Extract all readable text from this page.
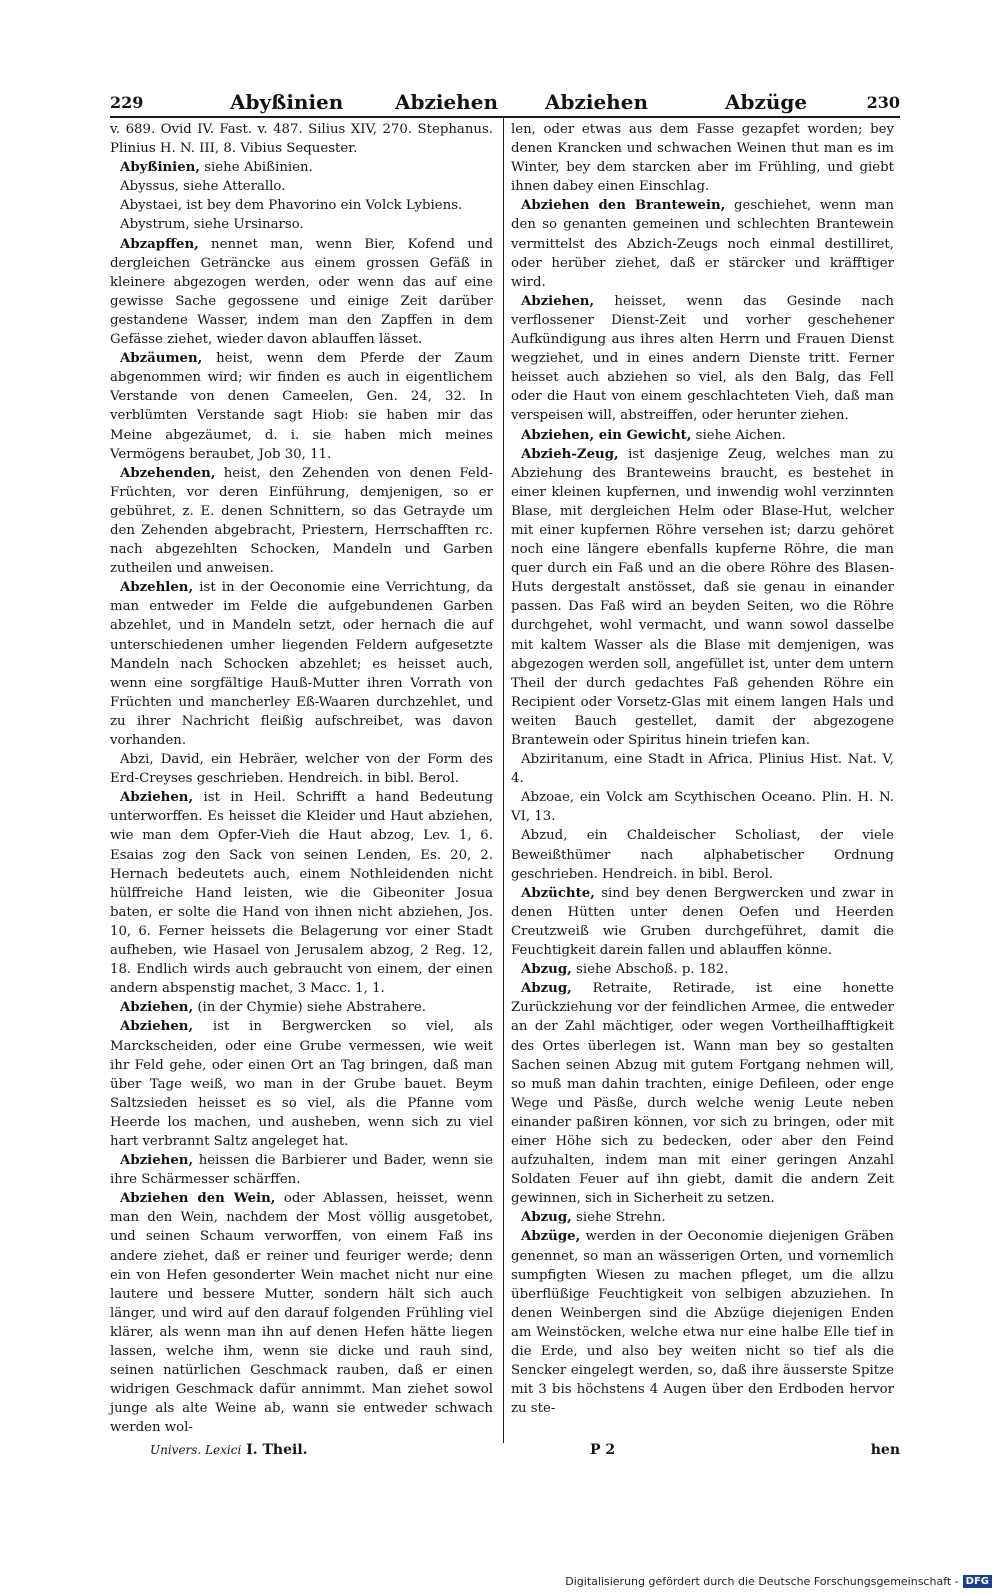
229	Abyßinien	Abziehen Abziehen	Abzüge	230

v. 689. Ovid IV. Fast. v. 487. Silius XIV, 270. Stephanus. Plinius H. N. III, 8. Vibius Sequester.

Abyßinien, siehe Abißinien.

Abyssus, siehe Atterallo.

Abystaei, ist bey dem Phavorino ein Volck Lybiens.

Abystrum, siehe Ursinarso.

Abzapffen, nennet man, wenn Bier, Kofend und dergleichen Geträncke aus einem grossen Gefäß in kleinere abgezogen werden, oder wenn das auf eine gewisse Sache gegossene und einige Zeit darüber gestandene Wasser, indem man den Zapffen in dem Gefässe ziehet, wieder davon ablauffen lässet.

Abzäumen, heist, wenn dem Pferde der Zaum abgenommen wird; wir finden es auch in eigentlichem Verstande von denen Cameelen, Gen. 24, 32. In verblümten Verstande sagt Hiob: sie haben mir das Meine abgezäumet, d. i. sie haben mich meines Vermögens beraubet, Job 30, 11.

Abzehenden, heist, den Zehenden von denen Feld-Früchten, vor deren Einführung, demjenigen, so er gebühret, z. E. denen Schnittern, so das Getrayde um den Zehenden abgebracht, Priestern, Herrschafften rc. nach abgezehlten Schocken, Mandeln und Garben zutheilen und anweisen.

Abzehlen, ist in der Oeconomie eine Verrichtung, da man entweder im Felde die aufgebundenen Garben abzehlet, und in Mandeln setzt, oder hernach die auf unterschiedenen umher liegenden Feldern aufgesetzte Mandeln nach Schocken abzehlet; es heisset auch, wenn eine sorgfältige Hauß-Mutter ihren Vorrath von Früchten und mancherley Eß-Waaren durchzehlet, und zu ihrer Nachricht fleißig aufschreibet, was davon vorhanden.

Abzi, David, ein Hebräer, welcher von der Form des Erd-Creyses geschrieben. Hendreich. in bibl. Berol.

Abziehen, ist in Heil. Schrifft a hand Bedeutung unterworffen. Es heisset die Kleider und Haut abziehen, wie man dem Opfer-Vieh die Haut abzog, Lev. 1, 6. Esaias zog den Sack von seinen Lenden, Es. 20, 2. Hernach bedeutets auch, einem Nothleidenden nicht hülffreiche Hand leisten, wie die Gibeoniter Josua baten, er solte die Hand von ihnen nicht abziehen, Jos. 10, 6. Ferner heissets die Belagerung vor einer Stadt aufheben, wie Hasael von Jerusalem abzog, 2 Reg. 12, 18. Endlich wirds auch gebraucht von einem, der einen andern abspenstig machet, 3 Macc. 1, 1.

Abziehen, (in der Chymie) siehe Abstrahere.

Abziehen, ist in Bergwercken so viel, als Marckscheiden, oder eine Grube vermessen, wie weit ihr Feld gehe, oder einen Ort an Tag bringen, daß man über Tage weiß, wo man in der Grube bauet. Beym Saltzsieden heisset es so viel, als die Pfanne vom Heerde los machen, und ausheben, wenn sich zu viel hart verbrannt Saltz angeleget hat.

Abziehen, heissen die Barbierer und Bader, wenn sie ihre Schärmesser schärffen.

Abziehen den Wein, oder Ablassen, heisset, wenn man den Wein, nachdem der Most völlig ausgetobet, und seinen Schaum verworffen, von einem Faß ins andere ziehet, daß er reiner und feuriger werde; denn ein von Hefen gesonderter Wein machet nicht nur eine lautere und bessere Mutter, sondern hält sich auch länger, und wird auf den darauf folgenden Frühling viel klärer, als wenn man ihn auf denen Hefen hätte liegen lassen, welche ihm, wenn sie dicke und rauh sind, seinen natürlichen Geschmack rauben, daß er einen widrigen Geschmack dafür annimmt. Man ziehet sowol junge als alte Weine ab, wann sie entweder schwach werden wol-

len, oder etwas aus dem Fasse gezapfet worden; bey denen Krancken und schwachen Weinen thut man es im Winter, bey dem starcken aber im Frühling, und giebt ihnen dabey einen Einschlag.

Abziehen den Brantewein, geschiehet, wenn man den so genanten gemeinen und schlechten Brantewein vermittelst des Abzich-Zeugs noch einmal destilliret, oder herüber ziehet, daß er stärcker und kräfftiger wird.

Abziehen, heisset, wenn das Gesinde nach verflossener Dienst-Zeit und vorher geschehener Aufkündigung aus ihres alten Herrn und Frauen Dienst wegziehet, und in eines andern Dienste tritt. Ferner heisset auch abziehen so viel, als den Balg, das Fell oder die Haut von einem geschlachteten Vieh, daß man verspeisen will, abstreiffen, oder herunter ziehen.

Abziehen, ein Gewicht, siehe Aichen.

Abzieh-Zeug, ist dasjenige Zeug, welches man zu Abziehung des Branteweins braucht, es bestehet in einer kleinen kupfernen, und inwendig wohl verzinnten Blase, mit dergleichen Helm oder Blase-Hut, welcher mit einer kupfernen Röhre versehen ist; darzu gehöret noch eine längere ebenfalls kupferne Röhre, die man quer durch ein Faß und an die obere Röhre des Blasen-Huts dergestalt anstösset, daß sie genau in einander passen. Das Faß wird an beyden Seiten, wo die Röhre durchgehet, wohl vermacht, und wann sowol dasselbe mit kaltem Wasser als die Blase mit demjenigen, was abgezogen werden soll, angefüllet ist, unter dem untern Theil der durch gedachtes Faß gehenden Röhre ein Recipient oder Vorsetz-Glas mit einem langen Hals und weiten Bauch gestellet, damit der abgezogene Brantewein oder Spiritus hinein triefen kan.

Abziritanum, eine Stadt in Africa. Plinius Hist. Nat. V, 4.

Abzoae, ein Volck am Scythischen Oceano. Plin. H. N. VI, 13.

Abzud, ein Chaldeischer Scholiast, der viele Beweißthümer nach alphabetischer Ordnung geschrieben. Hendreich. in bibl. Berol.

Abzüchte, sind bey denen Bergwercken und zwar in denen Hütten unter denen Oefen und Heerden Creutzweiß wie Gruben durchgeführet, damit die Feuchtigkeit darein fallen und ablauffen könne.

Abzug, siehe Abschoß. p. 182.

Abzug, Retraite, Retirade, ist eine honette Zurückziehung vor der feindlichen Armee, die entweder an der Zahl mächtiger, oder wegen Vortheilhafftigkeit des Ortes überlegen ist. Wann man bey so gestalten Sachen seinen Abzug mit gutem Fortgang nehmen will, so muß man dahin trachten, einige Defileen, oder enge Wege und Päsße, durch welche wenig Leute neben einander paßiren können, vor sich zu bringen, oder mit einer Höhe sich zu bedecken, oder aber den Feind aufzuhalten, indem man mit einer geringen Anzahl Soldaten Feuer auf ihn giebt, damit die andern Zeit gewinnen, sich in Sicherheit zu setzen.

Abzug, siehe Strehn.

Abzüge, werden in der Oeconomie diejenigen Gräben genennet, so man an wässerigen Orten, und vornemlich sumpfigten Wiesen zu machen pfleget, um die allzu überflüßige Feuchtigkeit von selbigen abzuziehen. In denen Weinbergen sind die Abzüge diejenigen Enden am Weinstöcken, welche etwa nur eine halbe Elle tief in die Erde, und also bey weiten nicht so tief als die Sencker eingelegt werden, so, daß ihre äusserste Spitze mit 3 bis höchstens 4 Augen über den Erdboden hervor zu ste-

Univers. Lexici I. Theil.	P 2	hen
Digitalisierung gefördert durch die Deutsche Forschungsgemeinschaft - DFG
